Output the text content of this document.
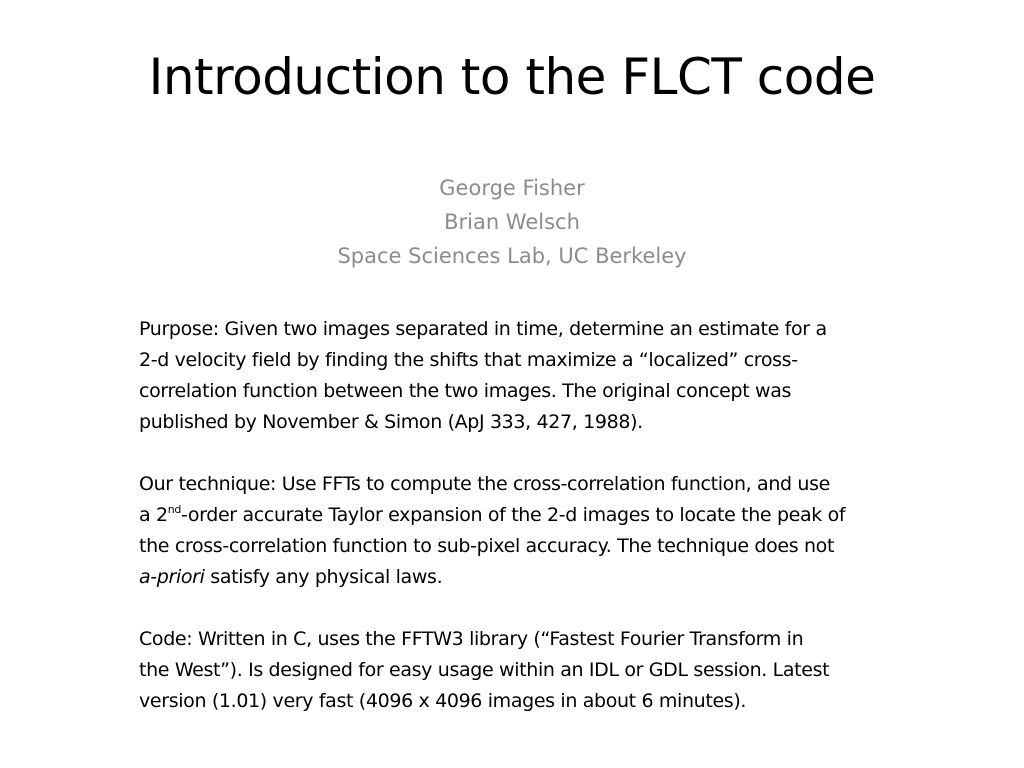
Introduction to the FLCT code
George Fisher
Brian Welsch
Space Sciences Lab, UC Berkeley
Purpose: Given two images separated in time, determine an estimate for a
2-d velocity field by finding the shifts that maximize a “localized” cross-
correlation function between the two images. The original concept was
published by November & Simon (ApJ 333, 427, 1988).
Our technique: Use FFTs to compute the cross-correlation function, and use
a 2nd-order accurate Taylor expansion of the 2-d images to locate the peak of
the cross-correlation function to sub-pixel accuracy. The technique does not
a-priori satisfy any physical laws.
Code: Written in C, uses the FFTW3 library (“Fastest Fourier Transform in
the West”). Is designed for easy usage within an IDL or GDL session. Latest
version (1.01) very fast (4096 x 4096 images in about 6 minutes).
